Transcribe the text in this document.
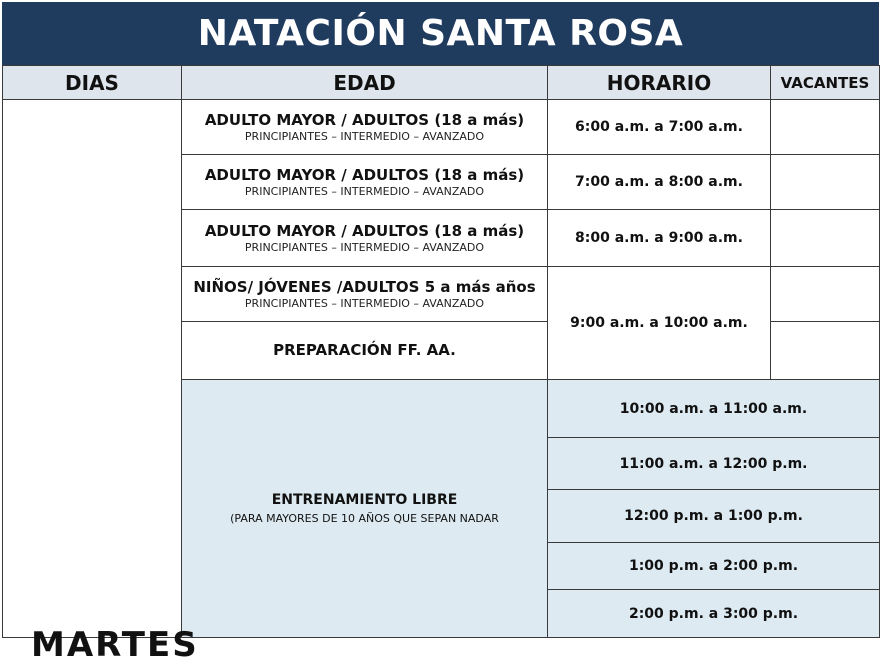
NATACIÓN SANTA ROSA
DIAS	EDAD	HORARIO	VACANTES

MARTES	ADULTO MAYOR / ADULTOS (18 a más)
PRINCIPIANTES – INTERMEDIO – AVANZADO	6:00 a.m. a 7:00 a.m.	

	ADULTO MAYOR / ADULTOS (18 a más)
PRINCIPIANTES – INTERMEDIO – AVANZADO	7:00 a.m. a 8:00 a.m.	

	ADULTO MAYOR / ADULTOS (18 a más)
PRINCIPIANTES – INTERMEDIO – AVANZADO	8:00 a.m. a 9:00 a.m.	

	NIÑOS/ JÓVENES /ADULTOS 5 a más años
PRINCIPIANTES – INTERMEDIO – AVANZADO	9:00 a.m. a 10:00 a.m.	

	PREPARACIÓN FF. AA.		

	ENTRENAMIENTO LIBRE
(PARA MAYORES DE 10 AÑOS QUE SEPAN NADAR	10:00 a.m. a 11:00 a.m.	
		11:00 a.m. a 12:00 p.m.	
		12:00 p.m. a 1:00 p.m.	
		1:00 p.m. a 2:00 p.m.	
		2:00 p.m. a 3:00 p.m.	
